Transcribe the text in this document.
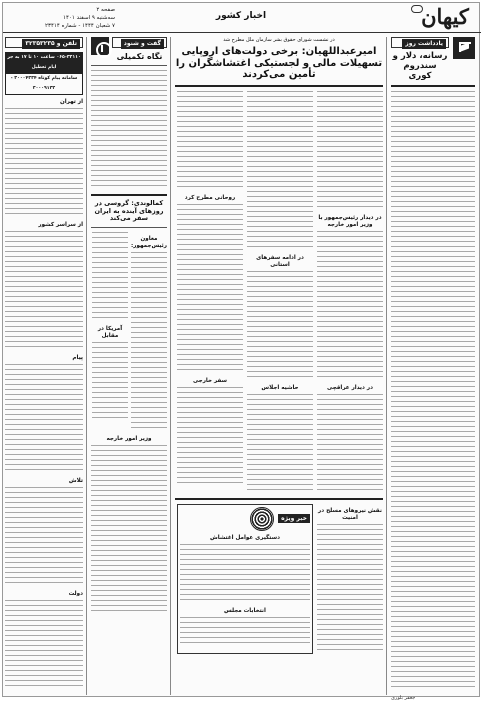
کیهان
اخبار کشور
صفحه ۲
سه‌شنبه ۹ اسفند ۱۴۰۱
۷ شعبان ۱۴۴۴ - شماره ۲۳۴۱۴
یادداشت روز
رسانه، دلار و سندروم کوری
جعفر بلوری
در نشست شورای حقوق بشر سازمان ملل مطرح شد
امیرعبداللهیان: برخی دولت‌های اروپایی تسهیلات مالی و لجستیکی اغتشاشگران را تأمین می‌کردند
در دیدار رئیس‌جمهور با وزیر امور خارجه
در دیدار عراقچی
در ادامه سفرهای استانی
حاشیه اجلاس
روحانی مطرح کرد
سفر خارجی
نقش نیروهای مسلح در امنیت
خبر ویژه
دستگیری عوامل اغتشاش
انتخابات مجلس
گفت و شنود
نگاه تکمیلی
کمالوندی: گروسی در روزهای آینده به ایران سفر می‌کند
معاون رئیس‌جمهور:
آمریکا در مقابل
وزیر امور خارجه
تلفن و ۳۲۳۵۳۲۳۵
۰۶۵-۳۳۱۱۰ ساعت ۱۰ تا ۱۷ به جز ایام تعطیل
سامانه پیام کوتاه ۳۰۰۰۴۳۳۴ - ۳۰۰۰۹۱۳۲
از تهران
از سراسر کشور
پیام
تلاش
دولت
